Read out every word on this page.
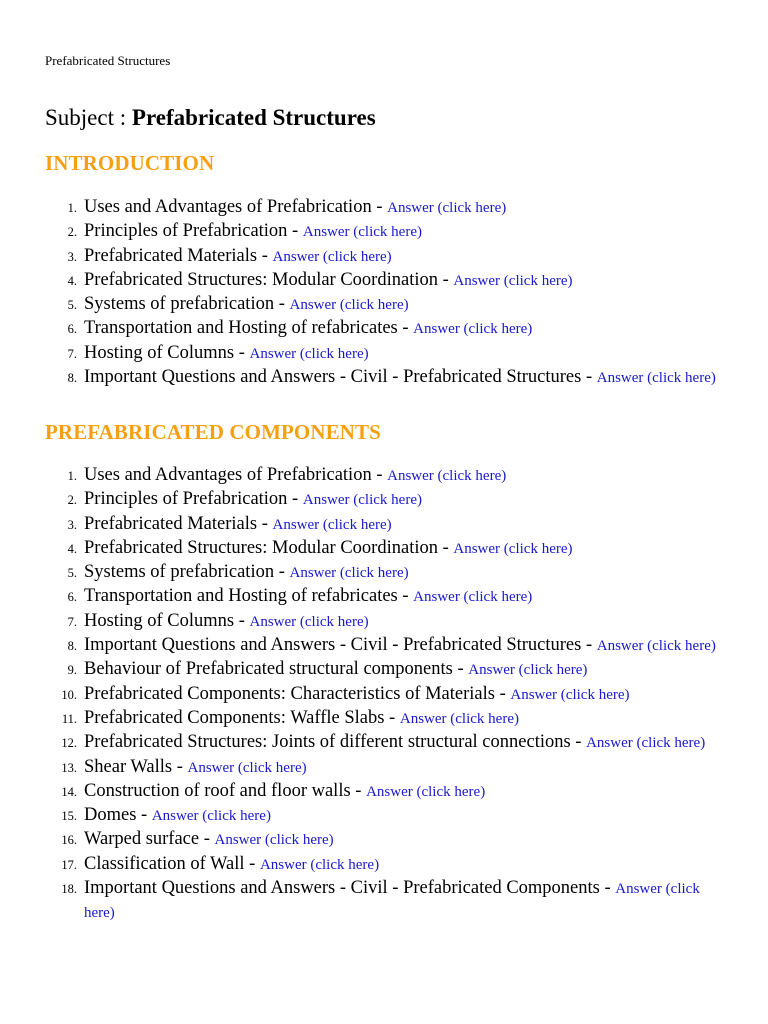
Prefabricated Structures
Subject : Prefabricated Structures
INTRODUCTION
1. Uses and Advantages of Prefabrication - Answer (click here)
2. Principles of Prefabrication - Answer (click here)
3. Prefabricated Materials - Answer (click here)
4. Prefabricated Structures: Modular Coordination - Answer (click here)
5. Systems of prefabrication - Answer (click here)
6. Transportation and Hosting of refabricates - Answer (click here)
7. Hosting of Columns - Answer (click here)
8. Important Questions and Answers - Civil - Prefabricated Structures - Answer (click here)
PREFABRICATED COMPONENTS
1. Uses and Advantages of Prefabrication - Answer (click here)
2. Principles of Prefabrication - Answer (click here)
3. Prefabricated Materials - Answer (click here)
4. Prefabricated Structures: Modular Coordination - Answer (click here)
5. Systems of prefabrication - Answer (click here)
6. Transportation and Hosting of refabricates - Answer (click here)
7. Hosting of Columns - Answer (click here)
8. Important Questions and Answers - Civil - Prefabricated Structures - Answer (click here)
9. Behaviour of Prefabricated structural components - Answer (click here)
10. Prefabricated Components: Characteristics of Materials - Answer (click here)
11. Prefabricated Components: Waffle Slabs - Answer (click here)
12. Prefabricated Structures: Joints of different structural connections - Answer (click here)
13. Shear Walls - Answer (click here)
14. Construction of roof and floor walls - Answer (click here)
15. Domes - Answer (click here)
16. Warped surface - Answer (click here)
17. Classification of Wall - Answer (click here)
18. Important Questions and Answers - Civil - Prefabricated Components - Answer (click here)
